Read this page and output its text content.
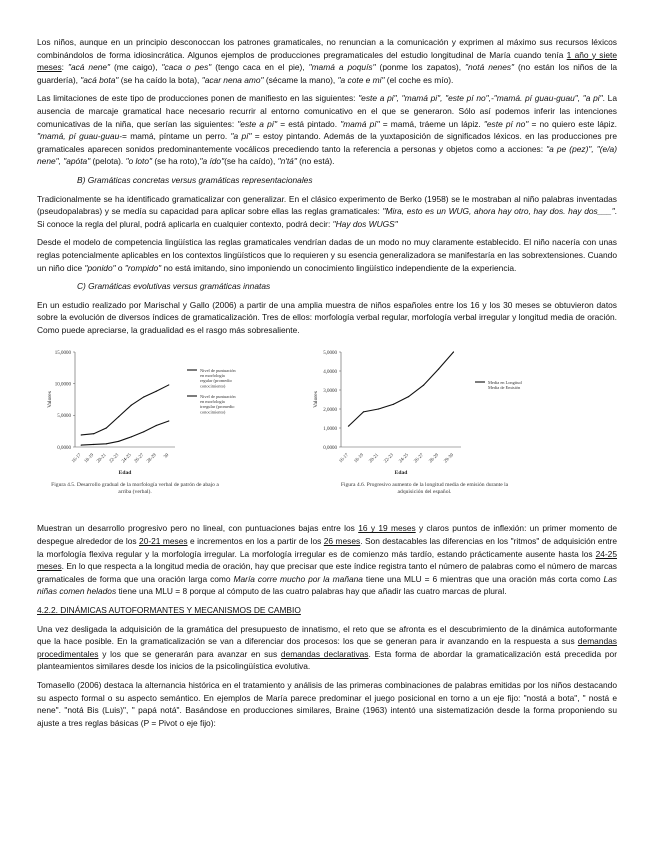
Los niños, aunque en un principio desconoccan los patrones gramaticales, no renuncian a la comunicación y exprimen al máximo sus recursos léxicos combinándolos de forma idiosincrática. Algunos ejemplos de producciones pregramaticales del estudio longitudinal de María cuando tenía 1 año y siete meses: "acá nene" (me caigo), "caca o pes" (tengo caca en el pie), "mamá a poquís" (ponme los zapatos), "notá nenes" (no están los niños de la guardería), "acá bota" (se ha caído la bota), "acar nena amo" (sécame la mano), "a cote e mi" (el coche es mío).

Las limitaciones de este tipo de producciones ponen de manifiesto en las siguientes: "este a pi", "mamá pi", "este pí no",-"mamá. pí guau-guau", "a pi". La ausencia de marcaje gramatical hace necesario recurrir al entorno comunicativo en el que se generaron. Sólo así podemos inferir las intenciones comunicativas de la niña, que serían las siguientes: "este a pí" = está pintado. "mamá pí" = mamá, tráeme un lápiz. "este pí no" = no quiero este lápiz. "mamá, pí guau-guau-= mamá, píntame un perro. "a pí" = estoy pintando. Además de la yuxtaposición de significados léxicos. en las producciones pre gramaticales aparecen sonidos predominantemente vocálicos precediendo tanto la referencia a personas y objetos como a acciones: "a pe (pez)", "(e/a) nene", "apóta" (pelota). "o loto" (se ha roto),"a ído"(se ha caído), "n'tá" (no está).

B) Gramáticas concretas versus gramáticas representacionales

Tradicionalmente se ha identificado gramaticalizar con generalizar. En el clásico experimento de Berko (1958) se le mostraban al niño palabras inventadas (pseudopalabras) y se medía su capacidad para aplicar sobre ellas las reglas gramaticales: "Mira, esto es un WUG, ahora hay otro, hay dos. hay dos___". Si conoce la regla del plural, podrá aplicarla en cualquier contexto, podrá decir: "Hay dos WUGS"

Desde el modelo de competencia lingüística las reglas gramaticales vendrían dadas de un modo no muy claramente establecido. El niño nacería con unas reglas potencialmente aplicables en los contextos lingüísticos que lo requieren y su esencia generalizadora se manifestaría en las sobrextensiones. Cuando un niño dice "ponido" o "rompido" no está imitando, sino imponiendo un conocimiento lingüístico independiente de la experiencia.

C) Gramáticas evolutivas versus gramáticas innatas

En un estudio realizado por Marischal y Gallo (2006) a partir de una amplia muestra de niños españoles entre los 16 y los 30 meses se obtuvieron datos sobre la evolución de diversos índices de gramaticalización. Tres de ellos: morfología verbal regular, morfología verbal irregular y longitud media de oración. Como puede apreciarse, la gradualidad es el rasgo más sobresaliente.

0,0000
5,0000
10,0000
15,0000
16-17 18-19 20-21 22-23 24-25 26-27 28-29 30
Edad
Valores
Nivel de puntuación en morfología regular (promedio conocimiento)
Nivel de puntuación en morfología irregular (promedio conocimiento)
Figura 4.5. Desarrollo gradual de la morfología verbal de patrón de abajo a arriba (verbal).
0,0000
1,0000
2,0000
3,0000
4,0000
5,0000
16-17 18-19 20-21 22-23 24-25 26-27 28-29 29-30
Edad
Valores
Media en Longitud Media de Emisión
Figura 4.6. Progresivo aumento de la longitud media de emisión durante la adquisición del español.

Muestran un desarrollo progresivo pero no lineal, con puntuaciones bajas entre los 16 y 19 meses y claros puntos de inflexión: un primer momento de despegue alrededor de los 20-21 meses e incrementos en los a partir de los 26 meses. Son destacables las diferencias en los "ritmos" de adquisición entre la morfología flexiva regular y la morfología irregular. La morfología irregular es de comienzo más tardío, estando prácticamente ausente hasta los 24-25 meses. En lo que respecta a la longitud media de oración, hay que precisar que este índice registra tanto el número de palabras como el número de marcas gramaticales de forma que una oración larga como María corre mucho por la mañana tiene una MLU = 6 mientras que una oración más corta como Las niñas comen helados tiene una MLU = 8 porque al cómputo de las cuatro palabras hay que añadir las cuatro marcas de plural.

4.2.2. DINÁMICAS AUTOFORMANTES Y MECANISMOS DE CAMBIO

Una vez desligada la adquisición de la gramática del presupuesto de innatismo, el reto que se afronta es el descubrimiento de la dinámica autoformante que la hace posible. En la gramaticalización se van a diferenciar dos procesos: los que se generan para ir avanzando en la respuesta a sus demandas procedimentales y los que se generarán para avanzar en sus demandas declarativas. Esta forma de abordar la gramaticalización está precedida por planteamientos similares desde los inicios de la psicolingüística evolutiva.

Tomasello (2006) destaca la alternancia histórica en el tratamiento y análisis de las primeras combinaciones de palabras emitidas por los niños destacando su aspecto formal o su aspecto semántico. En ejemplos de María parece predominar el juego posicional en torno a un eje fijo: "nostá a bota", " nostá e nene". "notá Bis (Luis)", " papá notá". Basándose en producciones similares, Braine (1963) intentó una sistematización desde la forma proponiendo su ajuste a tres reglas básicas (P = Pivot o eje fijo):
